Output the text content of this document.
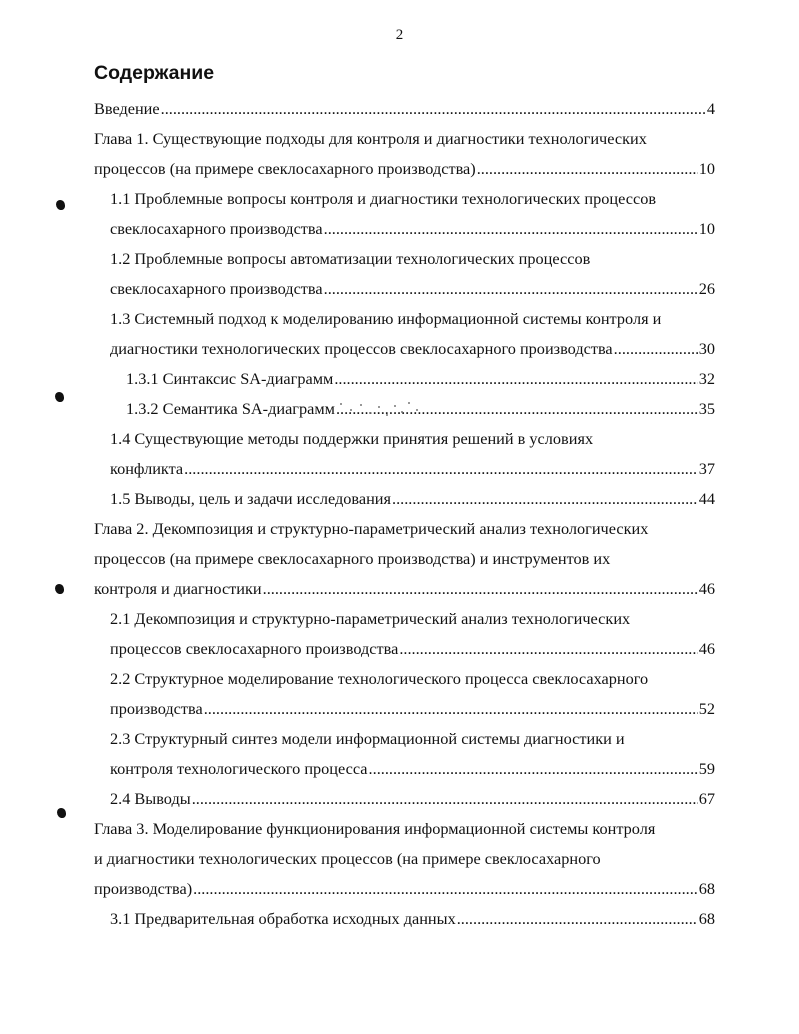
2
Содержание
Введение .....	4
Глава 1. Существующие подходы для контроля и диагностики технологических
процессов (на примере свеклосахарного производства) .....	10
1.1 Проблемные вопросы контроля и диагностики технологических процессов
свеклосахарного производства .....	10
1.2 Проблемные вопросы автоматизации технологических процессов
свеклосахарного производства .....	26
1.3 Системный подход к моделированию информационной системы контроля и
диагностики технологических процессов свеклосахарного производства .....	30
1.3.1 Синтаксис SA-диаграмм .....	32
1.3.2 Семантика SA-диаграмм .....	35
1.4 Существующие методы поддержки принятия решений в условиях
конфликта .....	37
1.5 Выводы, цель и задачи исследования .....	44
Глава 2. Декомпозиция и структурно-параметрический анализ технологических
процессов (на примере свеклосахарного производства) и инструментов их
контроля и диагностики .....	46
2.1 Декомпозиция и структурно-параметрический анализ технологических
процессов свеклосахарного производства .....	46
2.2 Структурное моделирование технологического процесса свеклосахарного
производства .....	52
2.3 Структурный синтез модели информационной системы диагностики и
контроля технологического процесса .....	59
2.4 Выводы .....	67
Глава 3. Моделирование функционирования информационной системы контроля
и диагностики технологических процессов (на примере свеклосахарного
производства) .....	68
3.1 Предварительная обработка исходных данных .....	68
